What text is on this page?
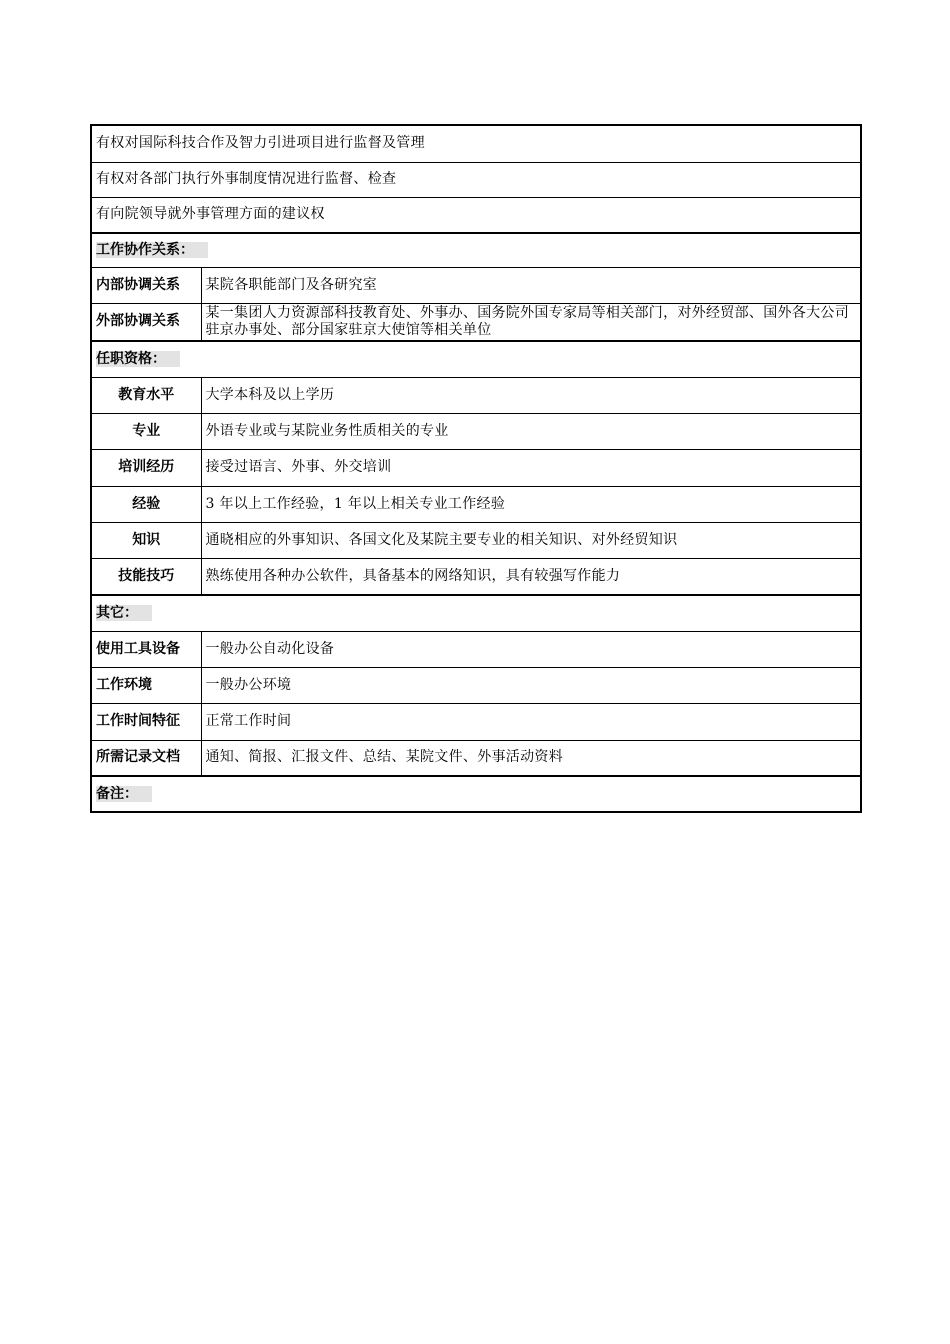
有权对国际科技合作及智力引进项目进行监督及管理	
有权对各部门执行外事制度情况进行监督、检查	
有向院领导就外事管理方面的建议权	
工作协作关系：	
内部协调关系	某院各职能部门及各研究室
外部协调关系	某一集团人力资源部科技教育处、外事办、国务院外国专家局等相关部门，对外经贸部、国外各大公司驻京办事处、部分国家驻京大使馆等相关单位
任职资格：	
教育水平	大学本科及以上学历
专业	外语专业或与某院业务性质相关的专业
培训经历	接受过语言、外事、外交培训
经验	3 年以上工作经验，1 年以上相关专业工作经验
知识	通晓相应的外事知识、各国文化及某院主要专业的相关知识、对外经贸知识
技能技巧	熟练使用各种办公软件，具备基本的网络知识，具有较强写作能力
其它：	
使用工具设备	一般办公自动化设备
工作环境	一般办公环境
工作时间特征	正常工作时间
所需记录文档	通知、简报、汇报文件、总结、某院文件、外事活动资料
备注：	
